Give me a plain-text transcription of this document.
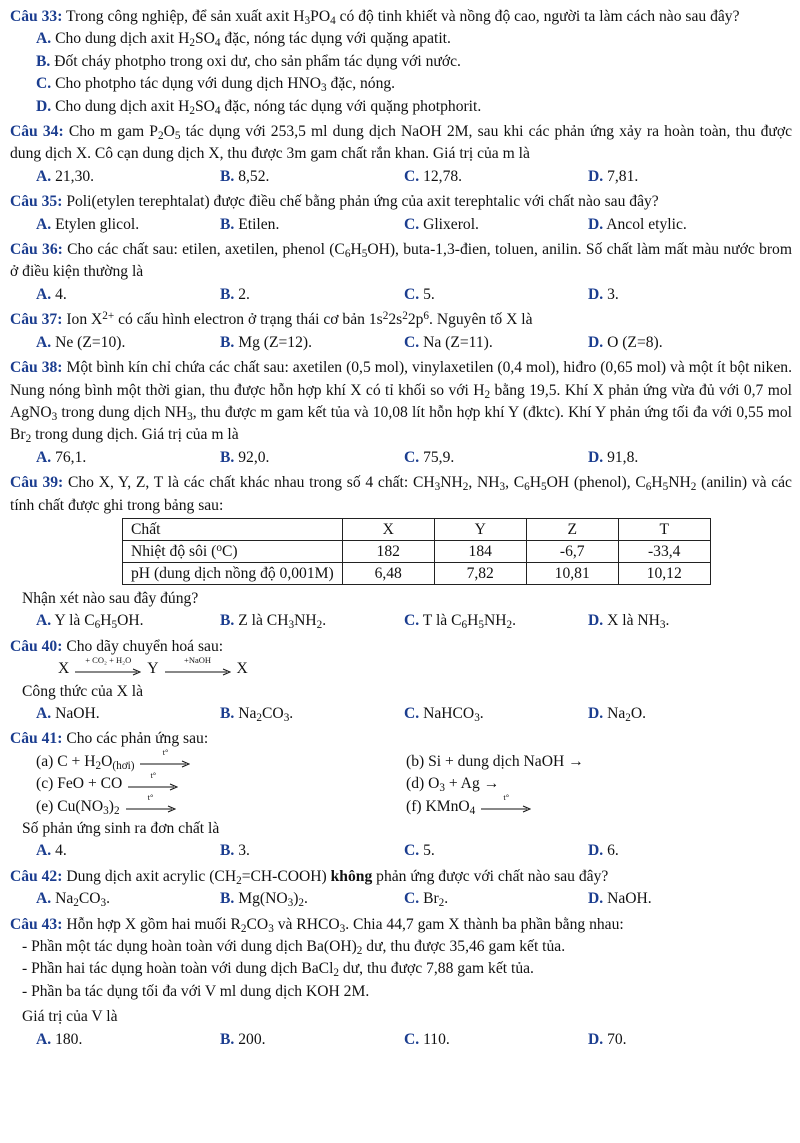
Câu 33: Trong công nghiệp, để sản xuất axit $H_3PO_4$ có độ tinh khiết và nồng độ cao, người ta làm cách nào sau đây?
A. Cho dung dịch axit $H_2SO_4$ đặc, nóng tác dụng với quặng apatit.
B. Đốt cháy photpho trong oxi dư, cho sản phẩm tác dụng với nước.
C. Cho photpho tác dụng với dung dịch $HNO_3$ đặc, nóng.
D. Cho dung dịch axit $H_2SO_4$ đặc, nóng tác dụng với quặng photphorit.
Câu 34: Cho m gam $P_2O_5$ tác dụng với 253,5 ml dung dịch NaOH 2M, sau khi các phản ứng xảy ra hoàn toàn, thu được dung dịch X. Cô cạn dung dịch X, thu được 3m gam chất rắn khan. Giá trị của m là
A. 21,30.	B. 8,52.	C. 12,78.	D. 7,81.
Câu 35: Poli(etylen terephtalat) được điều chế bằng phản ứng của axit terephtalic với chất nào sau đây?
A. Etylen glicol.	B. Etilen.	C. Glixerol.	D. Ancol etylic.
Câu 36: Cho các chất sau: etilen, axetilen, phenol $(C_6H_5OH)$, buta-1,3-đien, toluen, anilin. Số chất làm mất màu nước brom ở điều kiện thường là
A. 4.	B. 2.	C. 5.	D. 3.
Câu 37: Ion $X^{2+}$ có cấu hình electron ở trạng thái cơ bản $1s^22s^22p^6$. Nguyên tố X là
A. Ne (Z=10).	B. Mg (Z=12).	C. Na (Z=11).	D. O (Z=8).
Câu 38: Một bình kín chỉ chứa các chất sau: axetilen (0,5 mol), vinylaxetilen (0,4 mol), hiđro (0,65 mol) và một ít bột niken. Nung nóng bình một thời gian, thu được hỗn hợp khí X có tỉ khối so với $H_2$ bằng 19,5. Khí X phản ứng vừa đủ với 0,7 mol AgNO$_3$ trong dung dịch $NH_3$, thu được m gam kết tủa và 10,08 lít hỗn hợp khí Y (đktc). Khí Y phản ứng tối đa với 0,55 mol $Br_2$ trong dung dịch. Giá trị của m là
A. 76,1.	B. 92,0.	C. 75,9.	D. 91,8.
Câu 39: Cho X, Y, Z, T là các chất khác nhau trong số 4 chất: $CH_3NH_2$, $NH_3$, $C_6H_5OH$ (phenol), $C_6H_5NH_2$ (anilin) và các tính chất được ghi trong bảng sau:
Chất	X	Y	Z	T
Nhiệt độ sôi ($^o$C)	182	184	-6,7	-33,4
pH (dung dịch nồng độ 0,001M)	6,48	7,82	10,81	10,12
Nhận xét nào sau đây đúng?
A. Y là $C_6H_5OH$.	B. Z là $CH_3NH_2$.	C. T là $C_6H_5NH_2$.	D. X là $NH_3$.
Câu 40: Cho dãy chuyển hoá sau:
X
+ CO₂ + H₂O
Y
+NaOH
X
Công thức của X là
A. NaOH.	B. $Na_2CO_3$.	C. NaHCO$_3$.	D. $Na_2O$.
Câu 41: Cho các phản ứng sau:
(a) $C + H_2O_{(hơi)}$
t°
(b) Si + dung dịch NaOH →
(c) FeO + CO
t°
(d) $O_3 + Ag$ →
(e) $Cu(NO_3)_2$
t°
(f) KMnO$_4$
t°
Số phản ứng sinh ra đơn chất là
A. 4.	B. 3.	C. 5.	D. 6.
Câu 42: Dung dịch axit acrylic $(CH_2=CH-COOH)$ không phản ứng được với chất nào sau đây?
A. $Na_2CO_3$.	B. $Mg(NO_3)_2$.	C. $Br_2$.	D. NaOH.
Câu 43: Hỗn hợp X gồm hai muối $R_2CO_3$ và $RHCO_3$. Chia 44,7 gam X thành ba phần bằng nhau:
- Phần một tác dụng hoàn toàn với dung dịch $Ba(OH)_2$ dư, thu được 35,46 gam kết tủa.
- Phần hai tác dụng hoàn toàn với dung dịch BaCl$_2$ dư, thu được 7,88 gam kết tủa.
- Phần ba tác dụng tối đa với V ml dung dịch KOH 2M.
Giá trị của V là
A. 180.	B. 200.	C. 110.	D. 70.
